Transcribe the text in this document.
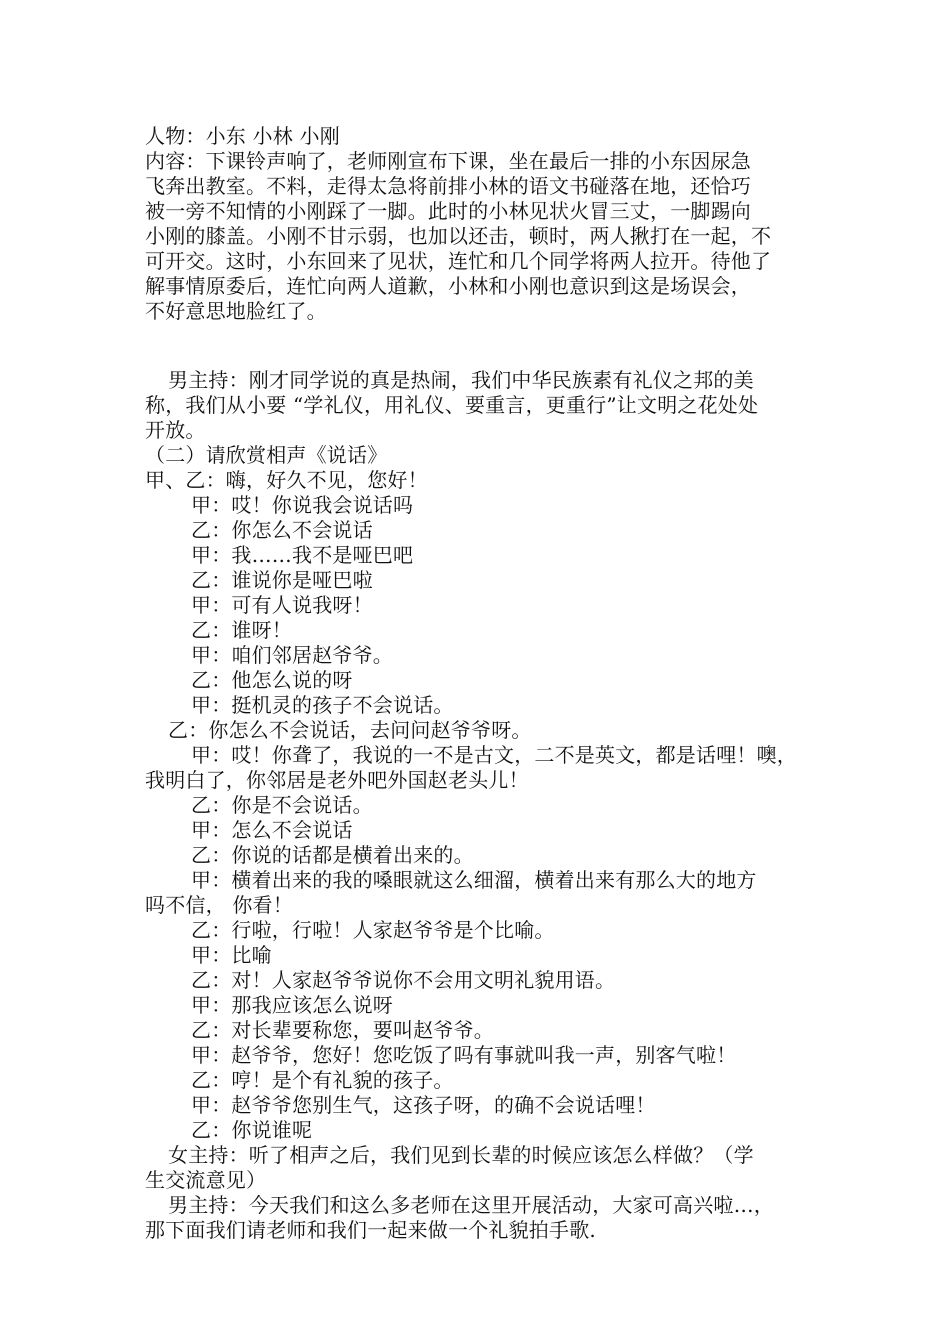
人物：小东 小林 小刚
内容：下课铃声响了，老师刚宣布下课，坐在最后一排的小东因尿急
飞奔出教室。不料，走得太急将前排小林的语文书碰落在地，还恰巧
被一旁不知情的小刚踩了一脚。此时的小林见状火冒三丈，一脚踢向
小刚的膝盖。小刚不甘示弱，也加以还击，顿时，两人揪打在一起，不
可开交。这时，小东回来了见状，连忙和几个同学将两人拉开。待他了
解事情原委后，连忙向两人道歉，小林和小刚也意识到这是场误会，
不好意思地脸红了。
男主持：刚才同学说的真是热闹，我们中华民族素有礼仪之邦的美
称，我们从小要 “学礼仪，用礼仪、要重言，更重行”让文明之花处处
开放。
（二）请欣赏相声《说话》
甲、乙：嗨，好久不见，您好！
甲：哎！你说我会说话吗
乙：你怎么不会说话
甲：我……我不是哑巴吧
乙：谁说你是哑巴啦
甲：可有人说我呀！
乙：谁呀！
甲：咱们邻居赵爷爷。
乙：他怎么说的呀
甲：挺机灵的孩子不会说话。
乙：你怎么不会说话，去问问赵爷爷呀。
甲：哎！你聋了，我说的一不是古文，二不是英文，都是话哩！噢，
我明白了，你邻居是老外吧外国赵老头儿！
乙：你是不会说话。
甲：怎么不会说话
乙：你说的话都是横着出来的。
甲：横着出来的我的嗓眼就这么细溜，横着出来有那么大的地方
吗不信， 你看！
乙：行啦，行啦！人家赵爷爷是个比喻。
甲：比喻
乙：对！人家赵爷爷说你不会用文明礼貌用语。
甲：那我应该怎么说呀
乙：对长辈要称您，要叫赵爷爷。
甲：赵爷爷，您好！您吃饭了吗有事就叫我一声，别客气啦！
乙：哼！是个有礼貌的孩子。
甲：赵爷爷您别生气，这孩子呀，的确不会说话哩！
乙：你说谁呢
女主持：听了相声之后，我们见到长辈的时候应该怎么样做？（学
生交流意见）
男主持：今天我们和这么多老师在这里开展活动，大家可高兴啦…，
那下面我们请老师和我们一起来做一个礼貌拍手歌.
